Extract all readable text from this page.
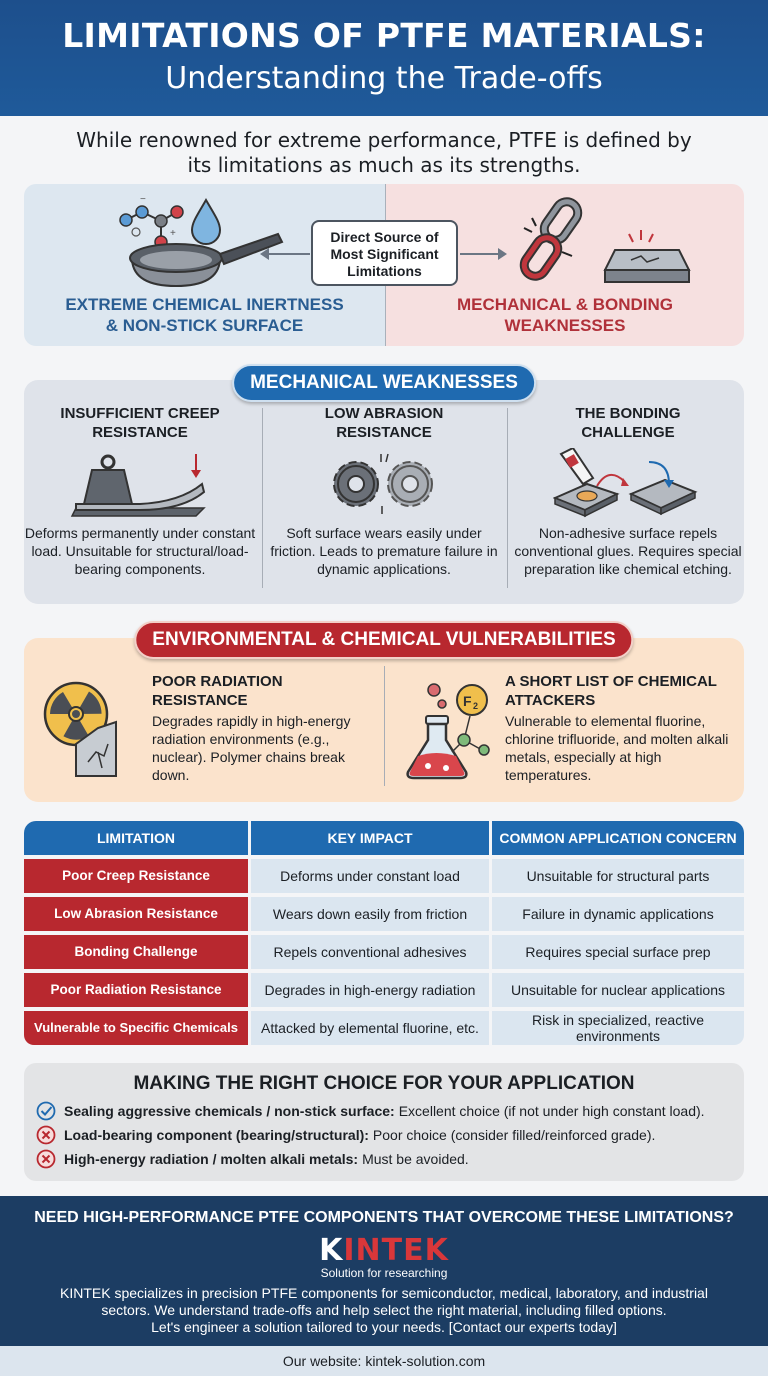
LIMITATIONS OF PTFE MATERIALS:
Understanding the Trade-offs
While renowned for extreme performance, PTFE is defined by
its limitations as much as its strengths.
−
+
EXTREME CHEMICAL INERTNESS
& NON-STICK SURFACE
MECHANICAL & BONDING
WEAKNESSES
Direct Source of
Most Significant
Limitations
MECHANICAL WEAKNESSES
INSUFFICIENT CREEP
RESISTANCE

Deforms permanently under constant load. Unsuitable for structural/load-bearing components.

LOW ABRASION
RESISTANCE

Soft surface wears easily under friction. Leads to premature failure in dynamic applications.

THE BONDING
CHALLENGE

Non-adhesive surface repels conventional glues. Requires special preparation like chemical etching.

ENVIRONMENTAL & CHEMICAL VULNERABILITIES
POOR RADIATION
RESISTANCE

Degrades rapidly in high-energy radiation environments (e.g., nuclear). Polymer chains break down.

F 2
A SHORT LIST OF CHEMICAL
ATTACKERS

Vulnerable to elemental fluorine, chlorine trifluoride, and molten alkali metals, especially at high temperatures.

LIMITATION	KEY IMPACT	COMMON APPLICATION CONCERN
Poor Creep Resistance	Deforms under constant load	Unsuitable for structural parts
Low Abrasion Resistance	Wears down easily from friction	Failure in dynamic applications
Bonding Challenge	Repels conventional adhesives	Requires special surface prep
Poor Radiation Resistance	Degrades in high-energy radiation	Unsuitable for nuclear applications
Vulnerable to Specific Chemicals	Attacked by elemental fluorine, etc.	Risk in specialized, reactive environments
MAKING THE RIGHT CHOICE FOR YOUR APPLICATION
Sealing aggressive chemicals / non-stick surface: Excellent choice (if not under high constant load).
Load-bearing component (bearing/structural): Poor choice (consider filled/reinforced grade).
High-energy radiation / molten alkali metals: Must be avoided.
NEED HIGH-PERFORMANCE PTFE COMPONENTS THAT OVERCOME THESE LIMITATIONS?
KINTEK
Solution for researching
KINTEK specializes in precision PTFE components for semiconductor, medical, laboratory, and industrial
sectors. We understand trade-offs and help select the right material, including filled options.
Let's engineer a solution tailored to your needs. [Contact our experts today]
Our website: kintek-solution.com
